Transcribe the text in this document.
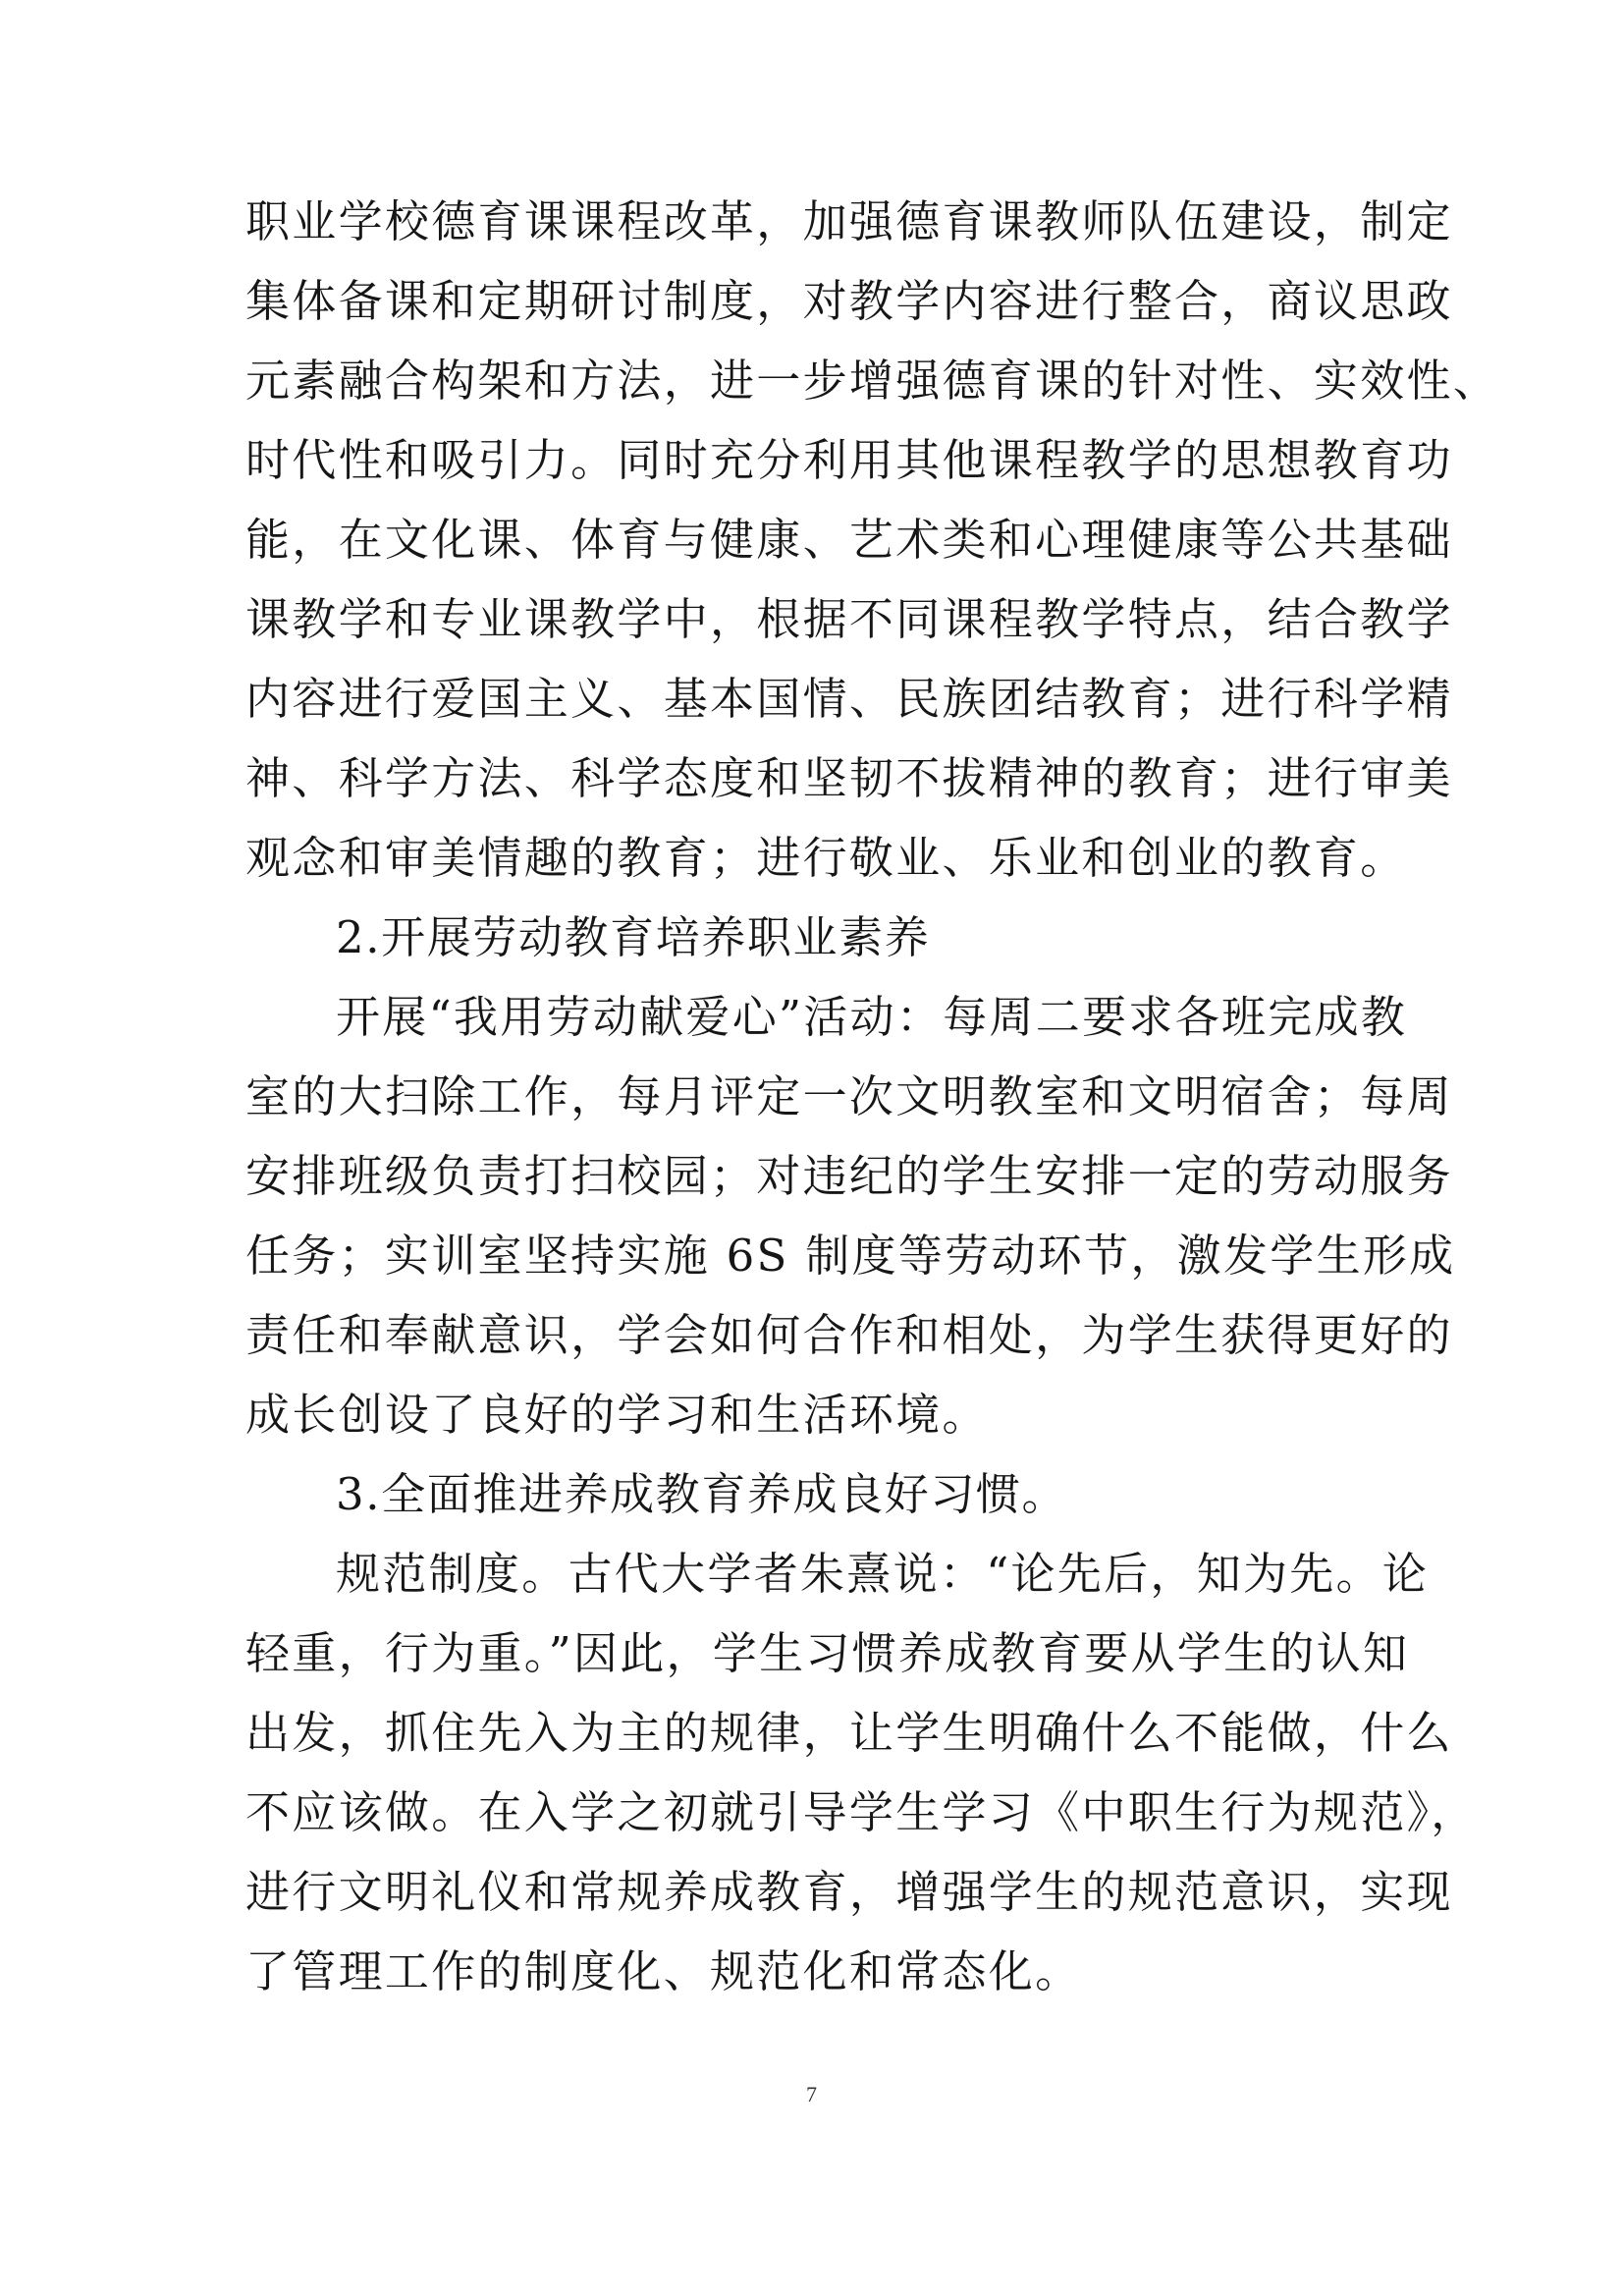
职业学校德育课课程改革，加强德育课教师队伍建设，制定
集体备课和定期研讨制度，对教学内容进行整合，商议思政
元素融合构架和方法，进一步增强德育课的针对性、实效性、
时代性和吸引力。同时充分利用其他课程教学的思想教育功
能，在文化课、体育与健康、艺术类和心理健康等公共基础
课教学和专业课教学中，根据不同课程教学特点，结合教学
内容进行爱国主义、基本国情、民族团结教育；进行科学精
神、科学方法、科学态度和坚韧不拔精神的教育；进行审美
观念和审美情趣的教育；进行敬业、乐业和创业的教育。
2.开展劳动教育培养职业素养
开展“我用劳动献爱心”活动：每周二要求各班完成教
室的大扫除工作，每月评定一次文明教室和文明宿舍；每周
安排班级负责打扫校园；对违纪的学生安排一定的劳动服务
任务；实训室坚持实施 6S 制度等劳动环节，激发学生形成
责任和奉献意识，学会如何合作和相处，为学生获得更好的
成长创设了良好的学习和生活环境。
3.全面推进养成教育养成良好习惯。
规范制度。古代大学者朱熹说：“论先后，知为先。论
轻重，行为重。”因此，学生习惯养成教育要从学生的认知
出发，抓住先入为主的规律，让学生明确什么不能做，什么
不应该做。在入学之初就引导学生学习《中职生行为规范》，
进行文明礼仪和常规养成教育，增强学生的规范意识，实现
了管理工作的制度化、规范化和常态化。
7
